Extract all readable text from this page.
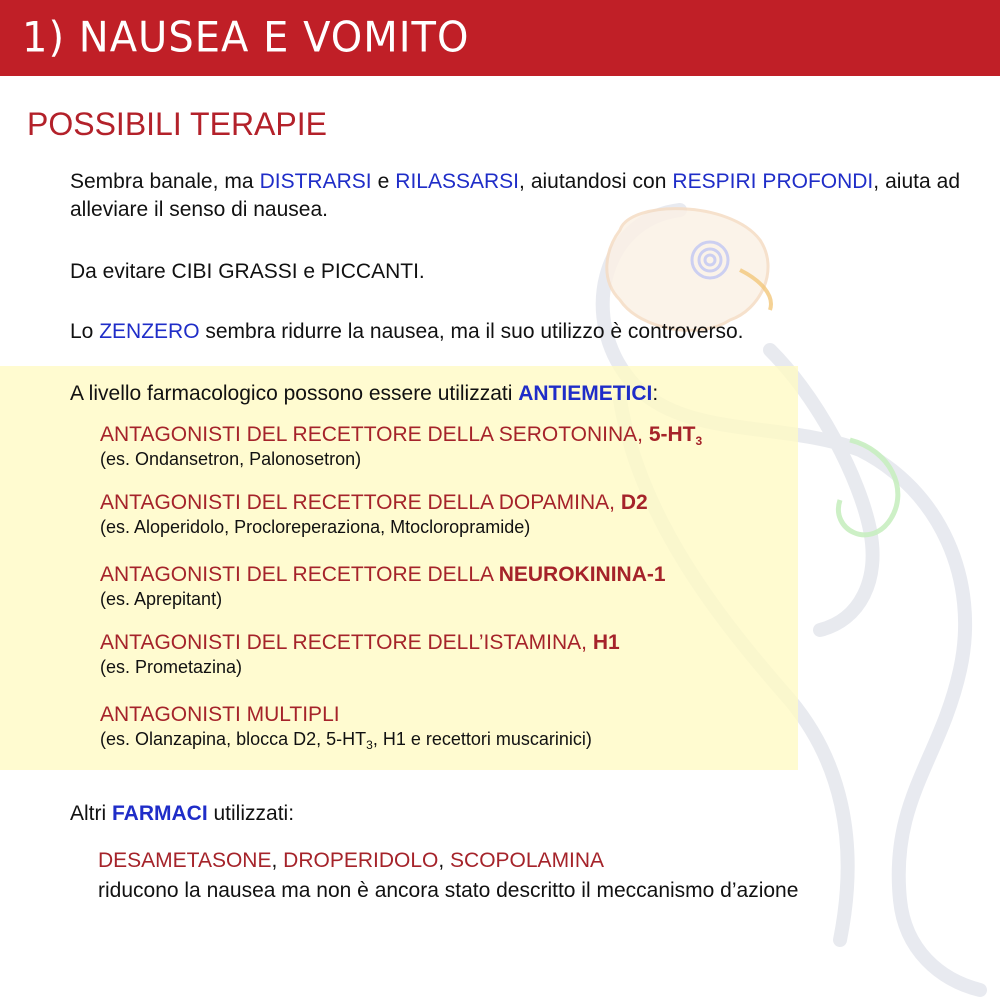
1) NAUSEA E VOMITO
POSSIBILI TERAPIE
Sembra banale, ma DISTRARSI e RILASSARSI, aiutandosi con RESPIRI PROFONDI, aiuta ad alleviare il senso di nausea.
Da evitare CIBI GRASSI e PICCANTI.
Lo ZENZERO sembra ridurre la nausea, ma il suo utilizzo è controverso.
A livello farmacologico possono essere utilizzati ANTIEMETICI:
ANTAGONISTI DEL RECETTORE DELLA SEROTONINA, $5-HT_3$
(es. Ondansetron, Palonosetron)
ANTAGONISTI DEL RECETTORE DELLA DOPAMINA, D2
(es. Aloperidolo, Procloreperaziona, Mtocloropramide)
ANTAGONISTI DEL RECETTORE DELLA NEUROKININA-1
(es. Aprepitant)
ANTAGONISTI DEL RECETTORE DELL’ISTAMINA, H1
(es. Prometazina)
ANTAGONISTI MULTIPLI
(es. Olanzapina, blocca D2, $5-HT_3$, H1 e recettori muscarinici)
Altri FARMACI utilizzati:
DESAMETASONE, DROPERIDOLO, SCOPOLAMINA
riducono la nausea ma non è ancora stato descritto il meccanismo d’azione
